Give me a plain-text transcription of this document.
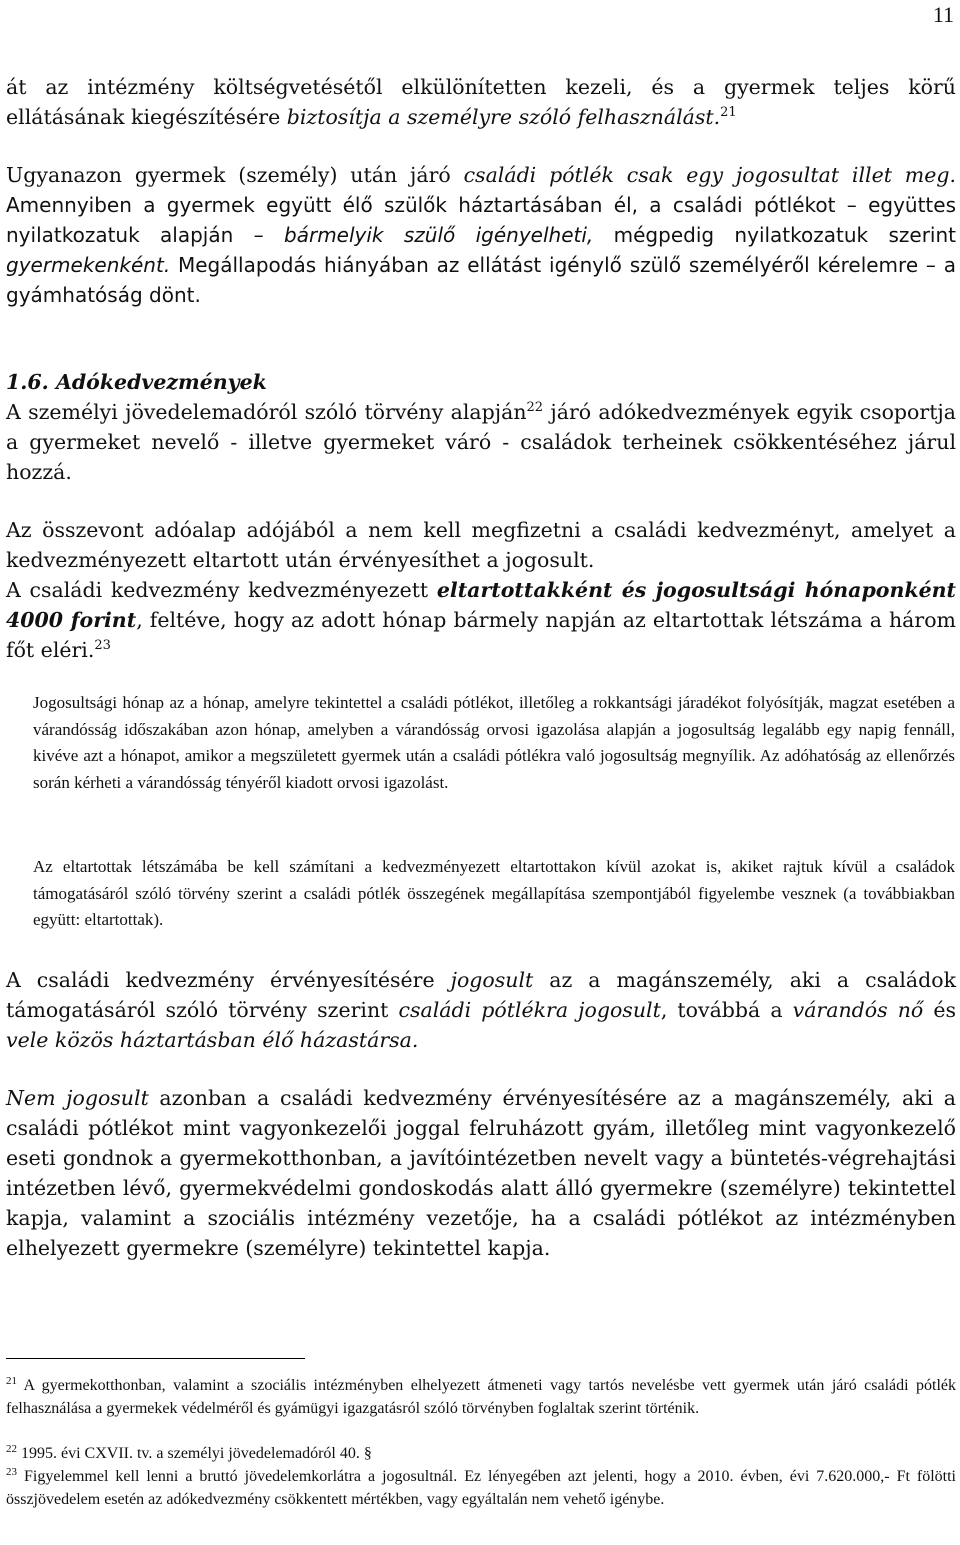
11

át az intézmény költségvetésétől elkülönítetten kezeli, és a gyermek teljes körű ellátásának kiegészítésére biztosítja a személyre szóló felhasználást.$^{21}$

Ugyanazon gyermek (személy) után járó családi pótlék csak egy jogosultat illet meg. Amennyiben a gyermek együtt élő szülők háztartásában él, a családi pótlékot – együttes nyilatkozatuk alapján – bármelyik szülő igényelheti, mégpedig nyilatkozatuk szerint gyermekenként. Megállapodás hiányában az ellátást igénylő szülő személyéről kérelemre – a gyámhatóság dönt.

1.6. Adókedvezmények
A személyi jövedelemadóról szóló törvény alapján$^{22}$ járó adókedvezmények egyik csoportja a gyermeket nevelő - illetve gyermeket váró - családok terheinek csökkentéséhez járul hozzá.

Az összevont adóalap adójából a nem kell megfizetni a családi kedvezményt, amelyet a kedvezményezett eltartott után érvényesíthet a jogosult.
A családi kedvezmény kedvezményezett eltartottakként és jogosultsági hónaponként 4000 forint, feltéve, hogy az adott hónap bármely napján az eltartottak létszáma a három főt eléri.$^{23}$

Jogosultsági hónap az a hónap, amelyre tekintettel a családi pótlékot, illetőleg a rokkantsági járadékot folyósítják, magzat esetében a várandósság időszakában azon hónap, amelyben a várandósság orvosi igazolása alapján a jogosultság legalább egy napig fennáll, kivéve azt a hónapot, amikor a megszületett gyermek után a családi pótlékra való jogosultság megnyílik. Az adóhatóság az ellenőrzés során kérheti a várandósság tényéről kiadott orvosi igazolást.

Az eltartottak létszámába be kell számítani a kedvezményezett eltartottakon kívül azokat is, akiket rajtuk kívül a családok támogatásáról szóló törvény szerint a családi pótlék összegének megállapítása szempontjából figyelembe vesznek (a továbbiakban együtt: eltartottak).

A családi kedvezmény érvényesítésére jogosult az a magánszemély, aki a családok támogatásáról szóló törvény szerint családi pótlékra jogosult, továbbá a várandós nő és vele közös háztartásban élő házastársa.

Nem jogosult azonban a családi kedvezmény érvényesítésére az a magánszemély, aki a családi pótlékot mint vagyonkezelői joggal felruházott gyám, illetőleg mint vagyonkezelő eseti gondnok a gyermekotthonban, a javítóintézetben nevelt vagy a büntetés-végrehajtási intézetben lévő, gyermekvédelmi gondoskodás alatt álló gyermekre (személyre) tekintettel kapja, valamint a szociális intézmény vezetője, ha a családi pótlékot az intézményben elhelyezett gyermekre (személyre) tekintettel kapja.

$^{21}$ A gyermekotthonban, valamint a szociális intézményben elhelyezett átmeneti vagy tartós nevelésbe vett gyermek után járó családi pótlék felhasználása a gyermekek védelméről és gyámügyi igazgatásról szóló törvényben foglaltak szerint történik.

$^{22}$ 1995. évi CXVII. tv. a személyi jövedelemadóról 40. §

$^{23}$ Figyelemmel kell lenni a bruttó jövedelemkorlátra a jogosultnál. Ez lényegében azt jelenti, hogy a 2010. évben, évi 7.620.000,- Ft fölötti összjövedelem esetén az adókedvezmény csökkentett mértékben, vagy egyáltalán nem vehető igénybe.
